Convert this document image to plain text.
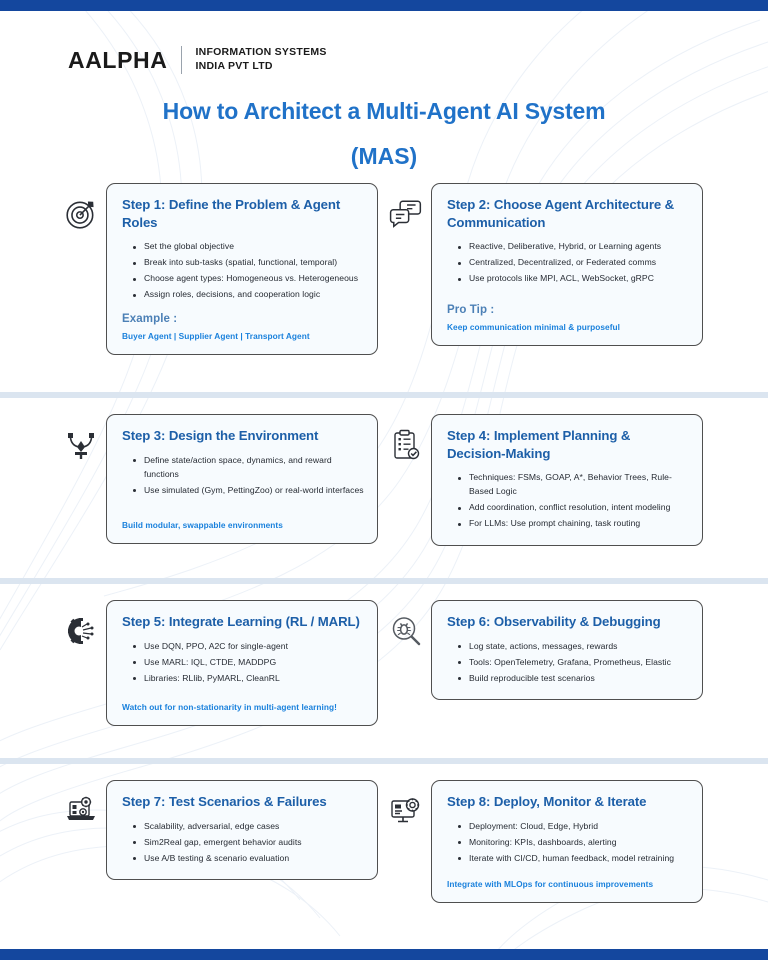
AALPHA	INFORMATION SYSTEMS
INDIA PVT LTD
How to Architect a Multi-Agent AI System
(MAS)
Step 1: Define the Problem & Agent Roles
Set the global objective
Break into sub-tasks (spatial, functional, temporal)
Choose agent types: Homogeneous vs. Heterogeneous
Assign roles, decisions, and cooperation logic
Example :
Buyer Agent | Supplier Agent | Transport Agent
Step 2: Choose Agent Architecture & Communication
Reactive, Deliberative, Hybrid, or Learning agents
Centralized, Decentralized, or Federated comms
Use protocols like MPI, ACL, WebSocket, gRPC
Pro Tip :
Keep communication minimal & purposeful
Step 3: Design the Environment
Define state/action space, dynamics, and reward functions
Use simulated (Gym, PettingZoo) or real-world interfaces
Build modular, swappable environments
Step 4: Implement Planning & Decision-Making
Techniques: FSMs, GOAP, A*, Behavior Trees, Rule-Based Logic
Add coordination, conflict resolution, intent modeling
For LLMs: Use prompt chaining, task routing
Step 5: Integrate Learning (RL / MARL)
Use DQN, PPO, A2C for single-agent
Use MARL: IQL, CTDE, MADDPG
Libraries: RLlib, PyMARL, CleanRL
Watch out for non-stationarity in multi-agent learning!
Step 6: Observability & Debugging
Log state, actions, messages, rewards
Tools: OpenTelemetry, Grafana, Prometheus, Elastic
Build reproducible test scenarios
Step 7: Test Scenarios & Failures
Scalability, adversarial, edge cases
Sim2Real gap, emergent behavior audits
Use A/B testing & scenario evaluation
Step 8: Deploy, Monitor & Iterate
Deployment: Cloud, Edge, Hybrid
Monitoring: KPIs, dashboards, alerting
Iterate with CI/CD, human feedback, model retraining
Integrate with MLOps for continuous improvements
